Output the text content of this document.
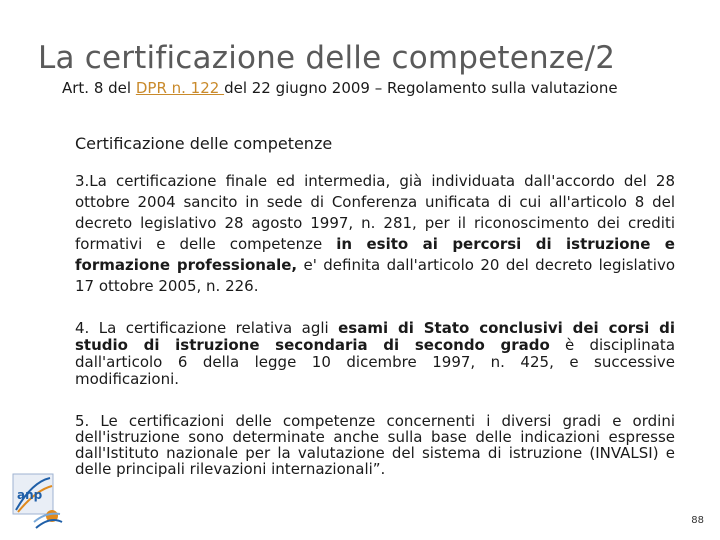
La certificazione delle competenze/2
Art. 8 del DPR n. 122 del 22 giugno 2009 – Regolamento sulla valutazione
Certificazione delle competenze
3.La certificazione finale ed intermedia, già individuata dall'accordo del 28 ottobre 2004 sancito in sede di Conferenza unificata di cui all'articolo 8 del decreto legislativo 28 agosto 1997, n. 281, per il riconoscimento dei crediti formativi e delle competenze in esito ai percorsi di istruzione e formazione professionale, e' definita dall'articolo 20 del decreto legislativo 17 ottobre 2005, n. 226.
4. La certificazione relativa agli esami di Stato conclusivi dei corsi di studio di istruzione secondaria di secondo grado è disciplinata dall'articolo 6 della legge 10 dicembre 1997, n. 425, e successive modificazioni.
5. Le certificazioni delle competenze concernenti i diversi gradi e ordini dell'istruzione sono determinate anche sulla base delle indicazioni espresse dall'Istituto nazionale per la valutazione del sistema di istruzione (INVALSI) e delle principali rilevazioni internazionali”.
anp
88
